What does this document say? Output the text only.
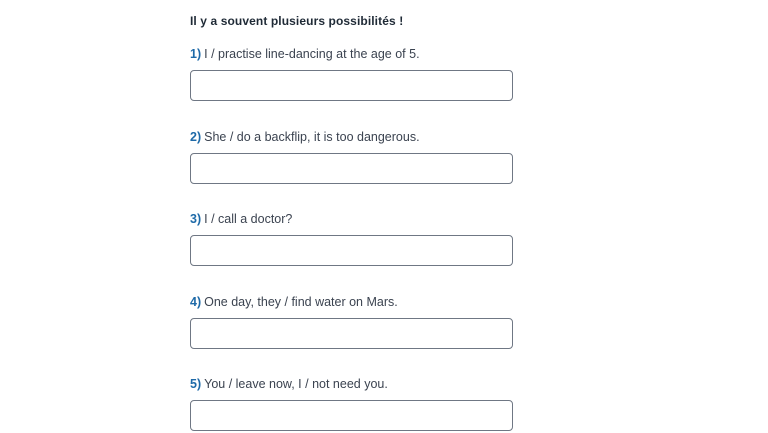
Il y a souvent plusieurs possibilités !
1) I / practise line-dancing at the age of 5.
2) She / do a backflip, it is too dangerous.
3) I / call a doctor?
4) One day, they / find water on Mars.
5) You / leave now, I / not need you.
